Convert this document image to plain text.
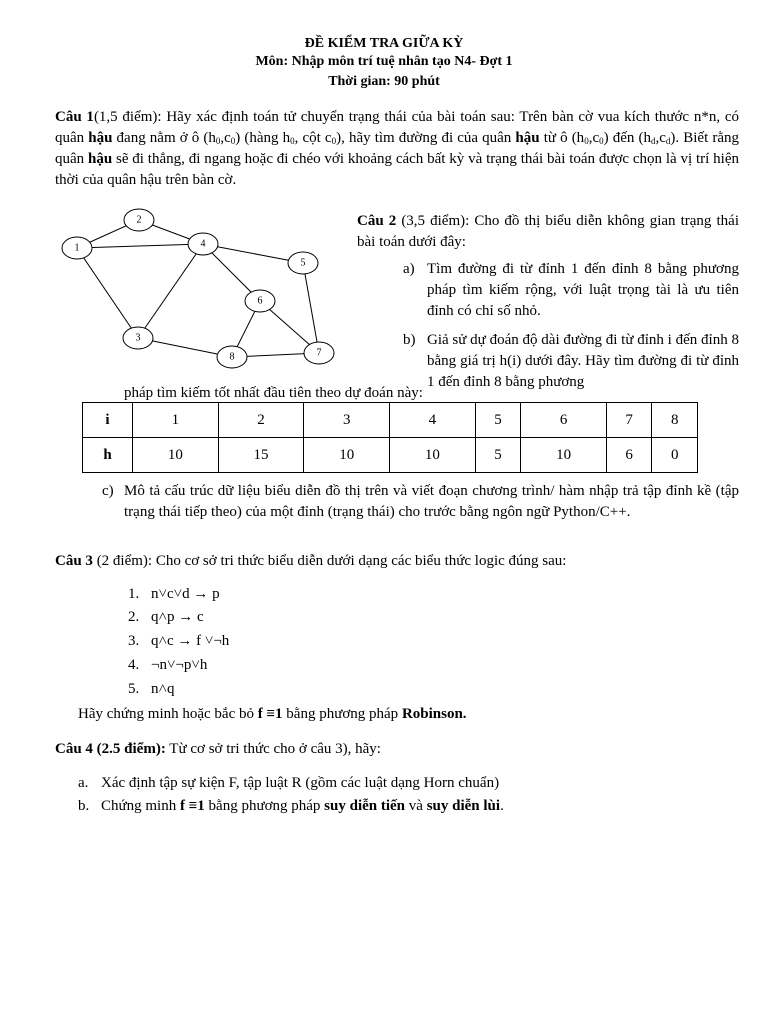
ĐỀ KIỂM TRA GIỮA KỲ
Môn: Nhập môn trí tuệ nhân tạo N4- Đợt 1
Thời gian: 90 phút
Câu 1(1,5 điểm): Hãy xác định toán tử chuyển trạng thái của bài toán sau: Trên bàn cờ vua kích thước n*n, có quân hậu đang nằm ở ô $(h_0,c_0)$ (hàng $h_0$, cột $c_0$), hãy tìm đường đi của quân hậu từ ô $(h_0,c_0)$ đến $(h_d,c_d)$. Biết rằng quân hậu sẽ đi thẳng, đi ngang hoặc đi chéo với khoảng cách bất kỳ và trạng thái bài toán được chọn là vị trí hiện thời của quân hậu trên bàn cờ.
1
2
3
4
5
6
7
8
Câu 2 (3,5 điểm): Cho đồ thị biểu diễn không gian trạng thái bài toán dưới đây:
a) Tìm đường đi từ đỉnh 1 đến đỉnh 8 bằng phương pháp tìm kiếm rộng, với luật trọng tài là ưu tiên đỉnh có chỉ số nhỏ.
b) Giả sử dự đoán độ dài đường đi từ đỉnh i đến đỉnh 8 bằng giá trị h(i) dưới đây. Hãy tìm đường đi từ đỉnh 1 đến đỉnh 8 bằng phương
pháp tìm kiếm tốt nhất đầu tiên theo dự đoán này:
i	1	2	3	4	5	6	7	8
h	10	15	10	10	5	10	6	0
c) Mô tả cấu trúc dữ liệu biểu diễn đồ thị trên và viết đoạn chương trình/ hàm nhập trả tập đỉnh kề (tập trạng thái tiếp theo) của một đỉnh (trạng thái) cho trước bằng ngôn ngữ Python/C++.
Câu 3 (2 điểm): Cho cơ sở tri thức biểu diễn dưới dạng các biểu thức logic đúng sau:
1. n˅c˅d → p
2. q˄p → c
3. q˄c → f ˅¬h
4. ¬n˅¬p˅h
5. n˄q
Hãy chứng minh hoặc bắc bỏ f ≡1 bằng phương pháp Robinson.
Câu 4 (2.5 điểm): Từ cơ sở tri thức cho ở câu 3), hãy:
a. Xác định tập sự kiện F, tập luật R (gồm các luật dạng Horn chuẩn)
b. Chứng minh f ≡1 bằng phương pháp suy diễn tiến và suy diễn lùi.
